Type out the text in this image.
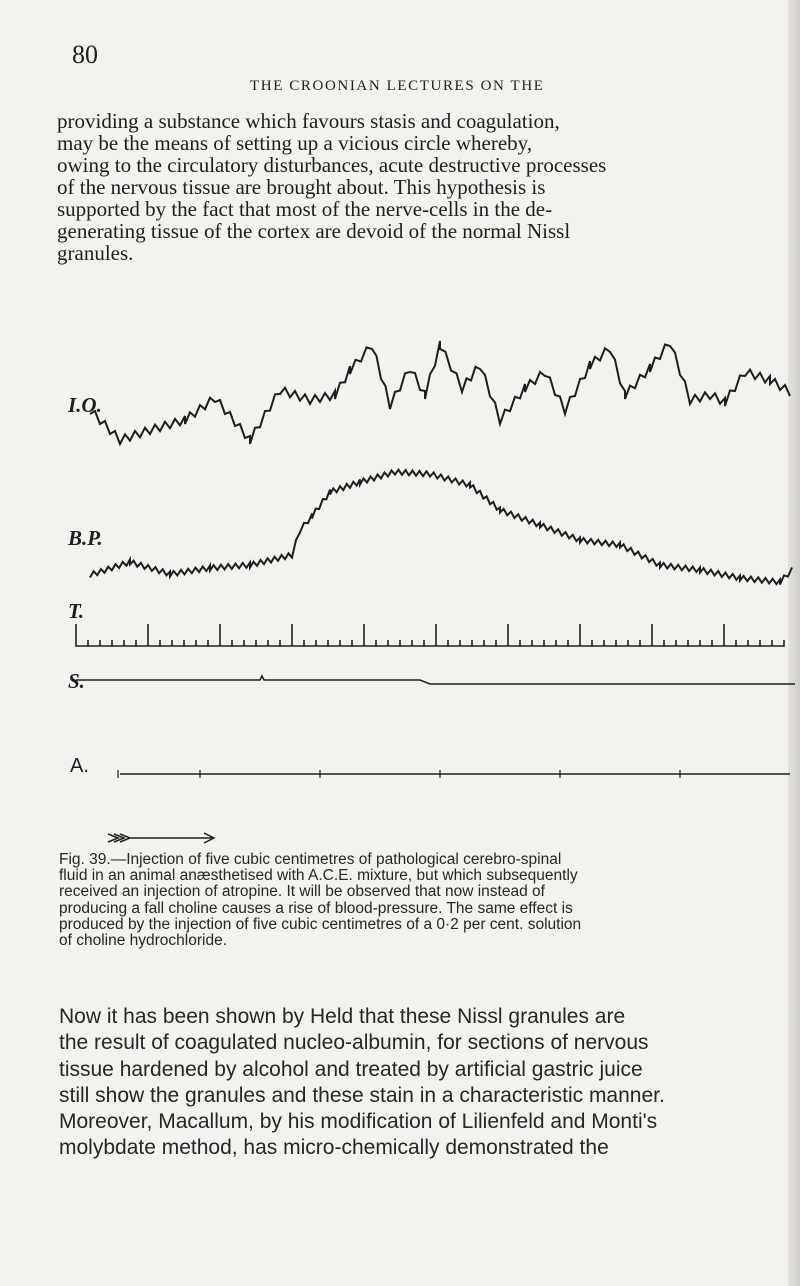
80
THE CROONIAN LECTURES ON THE
providing a substance which favours stasis and coagulation,
may be the means of setting up a vicious circle whereby,
owing to the circulatory disturbances, acute destructive processes
of the nervous tissue are brought about. This hypothesis is
supported by the fact that most of the nerve-cells in the de-
generating tissue of the cortex are devoid of the normal Nissl
granules.
I.O.
B.P.
T.
S.
A.
Fig. 39.—Injection of five cubic centimetres of pathological cerebro-spinal
fluid in an animal anæsthetised with A.C.E. mixture, but which subsequently
received an injection of atropine. It will be observed that now instead of
producing a fall choline causes a rise of blood-pressure. The same effect is
produced by the injection of five cubic centimetres of a 0·2 per cent. solution
of choline hydrochloride.
Now it has been shown by Held that these Nissl granules are
the result of coagulated nucleo-albumin, for sections of nervous
tissue hardened by alcohol and treated by artificial gastric juice
still show the granules and these stain in a characteristic manner.
Moreover, Macallum, by his modification of Lilienfeld and Monti's
molybdate method, has micro-chemically demonstrated the
